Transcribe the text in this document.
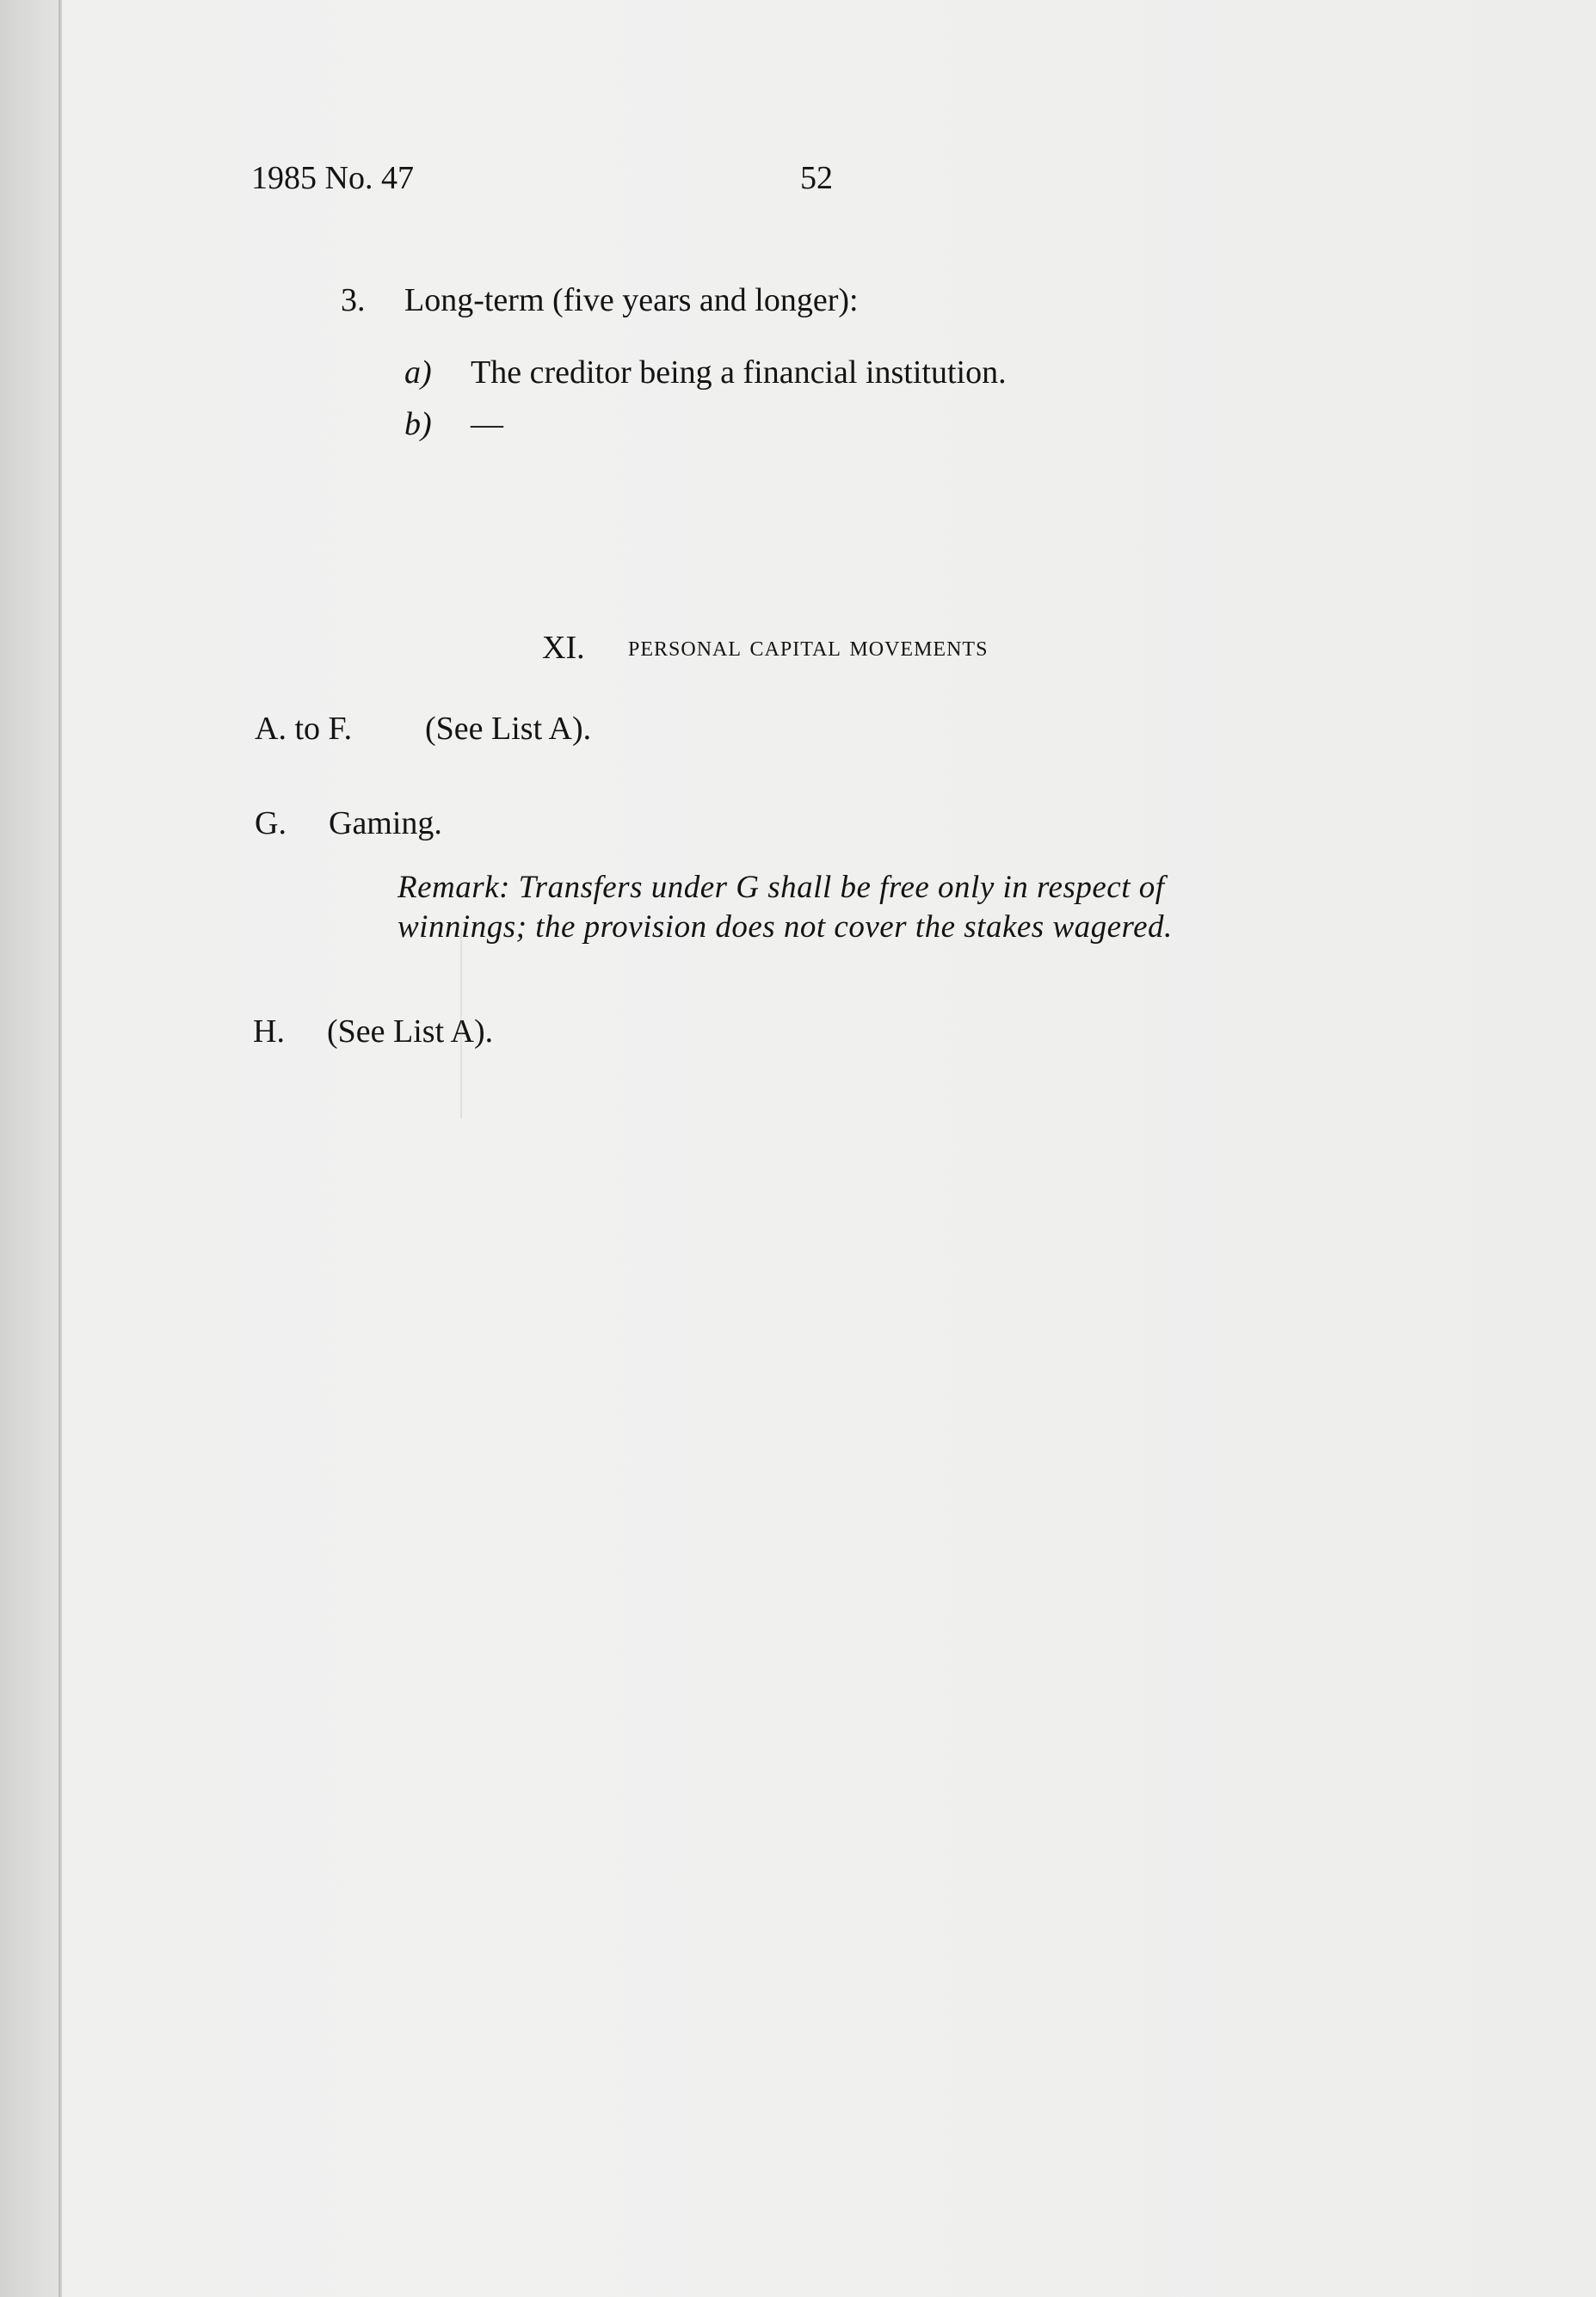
1985 No. 47	52
3. Long-term (five years and longer):
a) The creditor being a financial institution.
b) —
XI. personal capital movements
A. to F. (See List A).
G. Gaming.
Remark: Transfers under G shall be free only in respect of
winnings; the provision does not cover the stakes wagered.
H. (See List A).
